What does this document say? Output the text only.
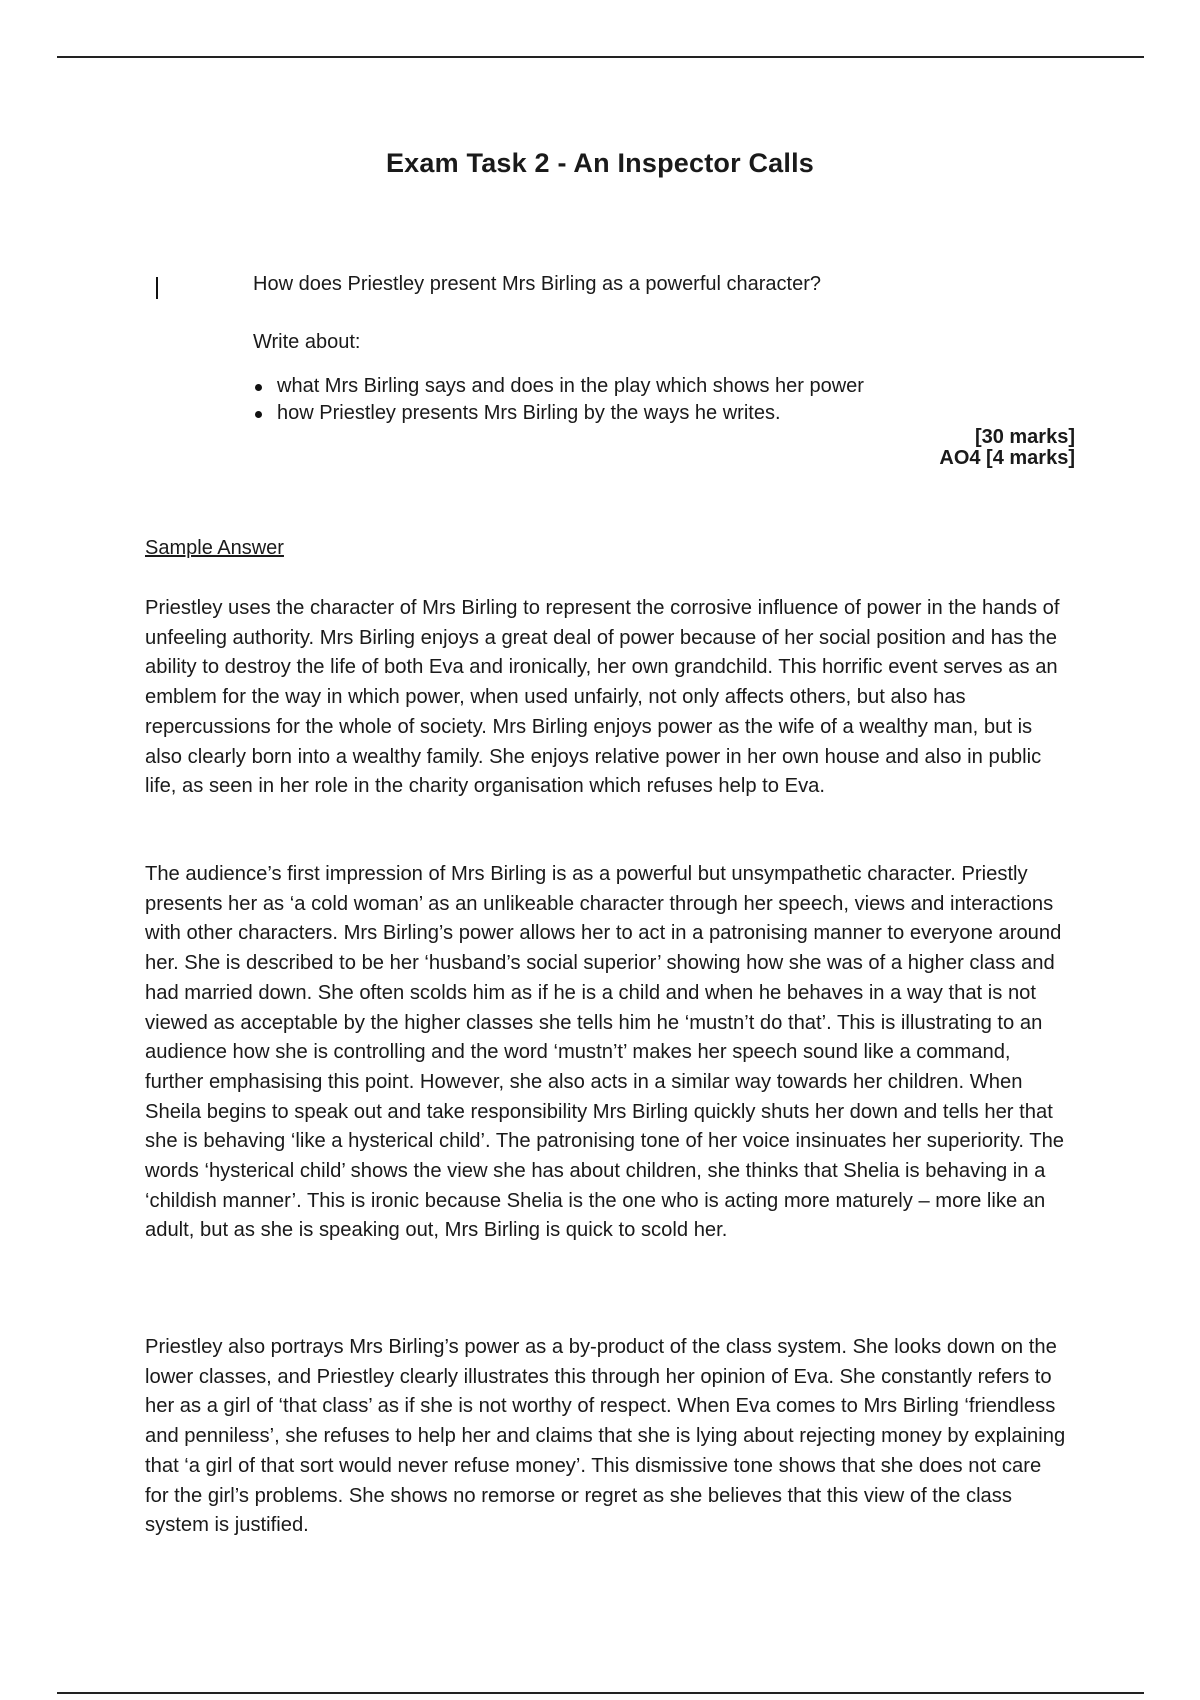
Exam Task 2 - An Inspector Calls

How does Priestley present Mrs Birling as a powerful character?

Write about:

what Mrs Birling says and does in the play which shows her power
how Priestley presents Mrs Birling by the ways he writes.
[30 marks]
AO4 [4 marks]

Sample Answer

Priestley uses the character of Mrs Birling to represent the corrosive influence of power in the hands of unfeeling authority. Mrs Birling enjoys a great deal of power because of her social position and has the ability to destroy the life of both Eva and ironically, her own grandchild. This horrific event serves as an emblem for the way in which power, when used unfairly, not only affects others, but also has repercussions for the whole of society. Mrs Birling enjoys power as the wife of a wealthy man, but is also clearly born into a wealthy family. She enjoys relative power in her own house and also in public life, as seen in her role in the charity organisation which refuses help to Eva.

The audience’s first impression of Mrs Birling is as a powerful but unsympathetic character. Priestly presents her as ‘a cold woman’ as an unlikeable character through her speech, views and interactions with other characters. Mrs Birling’s power allows her to act in a patronising manner to everyone around her. She is described to be her ‘husband’s social superior’ showing how she was of a higher class and had married down. She often scolds him as if he is a child and when he behaves in a way that is not viewed as acceptable by the higher classes she tells him he ‘mustn’t do that’. This is illustrating to an audience how she is controlling and the word ‘mustn’t’ makes her speech sound like a command, further emphasising this point. However, she also acts in a similar way towards her children. When Sheila begins to speak out and take responsibility Mrs Birling quickly shuts her down and tells her that she is behaving ‘like a hysterical child’. The patronising tone of her voice insinuates her superiority. The words ‘hysterical child’ shows the view she has about children, she thinks that Shelia is behaving in a ‘childish manner’. This is ironic because Shelia is the one who is acting more maturely – more like an adult, but as she is speaking out, Mrs Birling is quick to scold her.

Priestley also portrays Mrs Birling’s power as a by-product of the class system. She looks down on the lower classes, and Priestley clearly illustrates this through her opinion of Eva. She constantly refers to her as a girl of ‘that class’ as if she is not worthy of respect. When Eva comes to Mrs Birling ‘friendless and penniless’, she refuses to help her and claims that she is lying about rejecting money by explaining that ‘a girl of that sort would never refuse money’. This dismissive tone shows that she does not care for the girl’s problems. She shows no remorse or regret as she believes that this view of the class system is justified.
